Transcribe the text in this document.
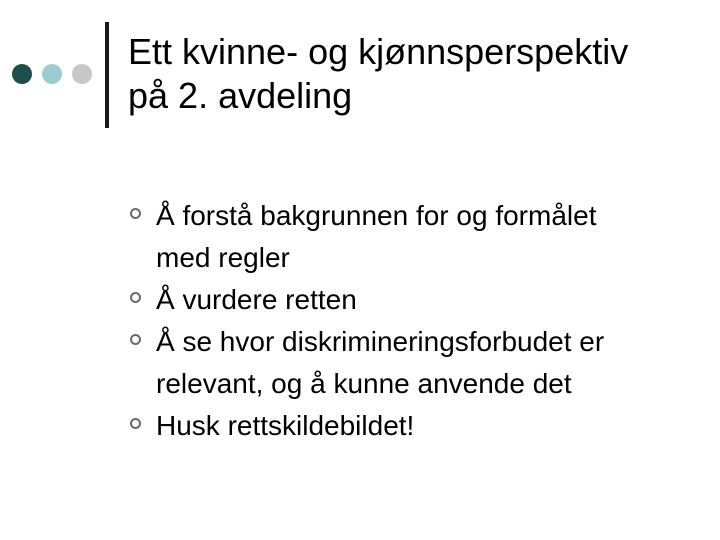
Ett kvinne- og kjønnsperspektiv
på 2. avdeling
Å forstå bakgrunnen for og formålet
med regler
Å vurdere retten
Å se hvor diskrimineringsforbudet er
relevant, og å kunne anvende det
Husk rettskildebildet!
